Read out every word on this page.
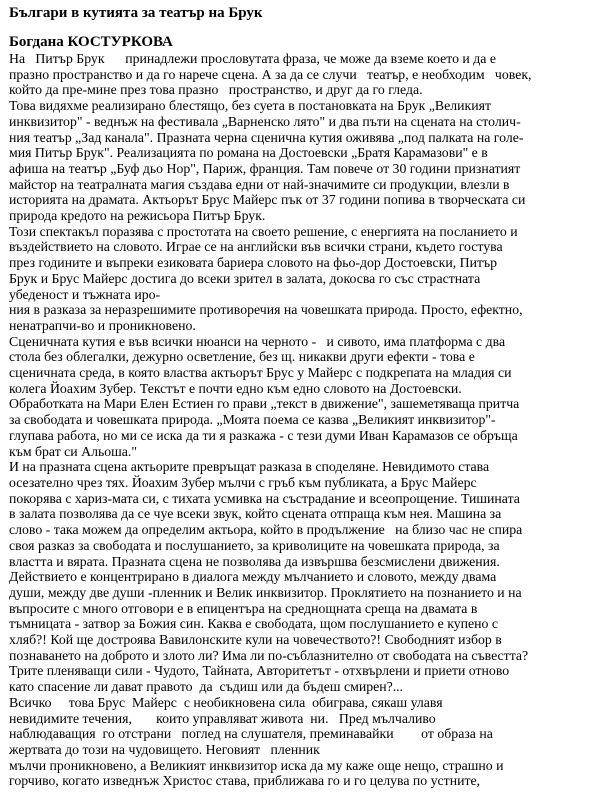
Българи в кутията за театър на Брук
Богдана КОСТУРКОВА
На   Питър Брук      принадлежи прословутата фраза, че може да вземе което и да е
празно пространство и да го нарече сцена. А за да се случи   театър, е необходим   човек,
който да пре-мине през това празно   пространство, и друг да го гледа.
Това видяхме реализирано блестящо, без суета в постановката на Брук „Великият
инквизитор" - веднъж на фестивала „Варненско лято" и два пъти на сцената на столич-
ния театър „Зад канала". Празната черна сценична кутия оживява „под палката на голе-
мия Питър Брук". Реализацията по романа на Достоевски „Братя Карамазови" е в
афиша на театър „Буф дьо Нор", Париж, франция. Там повече от 30 години признатият
майстор на театралната магия създава едни от най-значимите си продукции, влезли в
историята на драмата. Актьорът Брус Майерс пък от 37 години попива в творческата си
природа кредото на режисьора Питър Брук.
Този спектакъл поразява с простотата на своето решение, с енергията на посланието и
въздействието на словото. Играе се на английски във всички страни, където гостува
през годините и въпреки езиковата бариера словото на фьо-дор Достоевски, Питър
Брук и Брус Майерс достига до всеки зрител в залата, докосва го със страстната
убеденост и тъжната иро-
ния в разказа за неразрешимите противоречия на човешката природа. Просто, ефектно,
ненатрапчи-во и проникновено.
Сценичната кутия е във всички нюанси на черното -   и сивото, има платформа с два
стола без облегалки, дежурно осветление, без щ. никакви други ефекти - това е
сценичната среда, в която властва актьорът Брус у Майерс с подкрепата на младия си
колега Йоахим Зубер. Текстът е почти едно към едно словото на Достоевски.
Обработката на Мари Елен Естиен го прави „текст в движение", зашеметяваща притча
за свободата и човешката природа. „Моята поема се казва „Великият инквизитор"-
глупава работа, но ми се иска да ти я разкажа - с тези думи Иван Карамазов се обръща
към брат си Альоша."
И на празната сцена актьорите превръщат разказа в споделяне. Невидимото става
осезателно чрез тях. Йоахим Зубер мълчи с гръб към публиката, а Брус Майерс
покорява с хариз-мата си, с тихата усмивка на състрадание и всеопрощение. Тишината
в залата позволява да се чуе всеки звук, който сцената отпраща към нея. Машина за
слово - така можем да определим актьора, който в продължение   на близо час не спира
своя разказ за свободата и послушанието, за криволиците на човешката природа, за
властта и вярата. Празната сцена не позволява да извършва безсмислени движения.
Действието е концентрирано в диалога между мълчанието и словото, между двама
души, между две души -пленник и Велик инквизитор. Проклятието на познанието и на
въпросите с много отговори е в епицентъра на среднощната среща на двамата в
тъмницата - затвор за Божия син. Каква е свободата, щом послушанието е купено с
хляб?! Кой ще достроява Вавилонските кули на човечеството?! Свободният избор в
познаването на доброто и злото ли? Има ли по-съблазнително от свободата на съвестта?
Трите пленяващи сили - Чудото, Тайната, Авторитетът - отхвърлени и приети отново
като спасение ли дават правото  да  съдиш или да бъдеш смирен?...
Всичко     това Брус  Майерс  с необикновена сила  обиграва, сякаш улавя
невидимите течения,       които управляват живота  ни.   Пред мълчаливо
наблюдаващия  го отстрани   поглед на слушателя, преминавайки        от образа на
жертвата до този на чудовището. Неговият   пленник
мълчи проникновено, а Великият инквизитор иска да му каже още нещо, страшно и
горчиво, когато изведнъж Христос става, приближава го и го целува по устните,
